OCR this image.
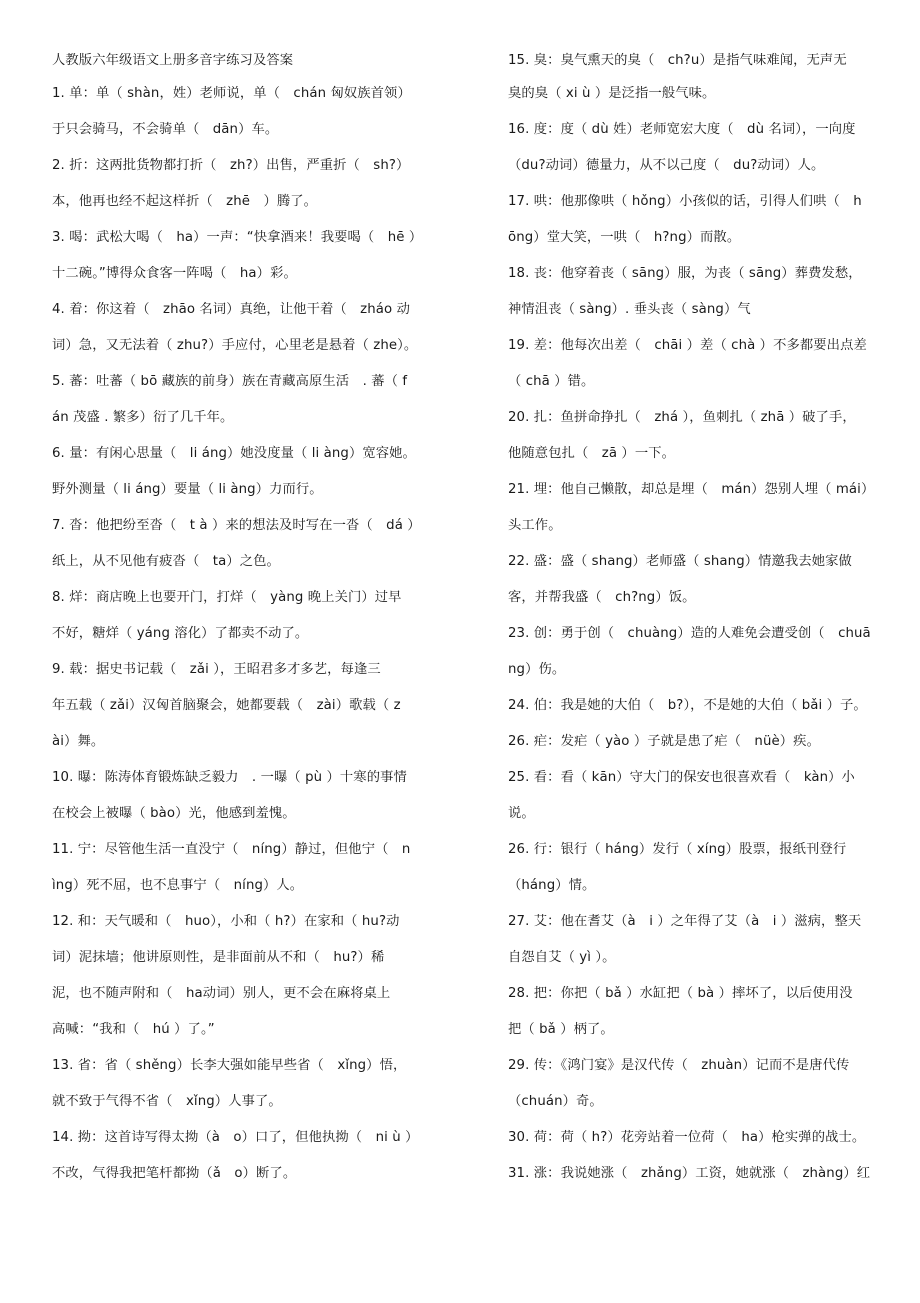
人教版六年级语文上册多音字练习及答案
1. 单：单（ shàn，姓）老师说，单（　chán 匈奴族首领）
于只会骑马，不会骑单（　dān）车。
2. 折：这两批货物都打折（　zh?）出售，严重折（　sh?）
本，他再也经不起这样折（　zhē　）腾了。
3. 喝：武松大喝（　ha）一声：“快拿酒来！我要喝（　hē ）
十二碗。”博得众食客一阵喝（　ha）彩。
4. 着：你这着（　zhāo 名词）真绝，让他干着（　zháo 动
词）急，又无法着（ zhu?）手应付，心里老是悬着（ zhe）。
5. 蕃：吐蕃（ bō 藏族的前身）族在青藏高原生活　. 蕃（ f
án 茂盛 . 繁多）衍了几千年。
6. 量：有闲心思量（　li áng）她没度量（ li àng）宽容她。
野外测量（ li áng）要量（ li àng）力而行。
7. 沓：他把纷至沓（　t à ）来的想法及时写在一沓（　dá ）
纸上，从不见他有疲沓（　ta）之色。
8. 烊：商店晚上也要开门，打烊（　yàng 晚上关门）过早
不好，糖烊（ yáng 溶化）了都卖不动了。
9. 载：据史书记载（　zǎi ），王昭君多才多艺，每逢三
年五载（ zǎi）汉匈首脑聚会，她都要载（　zài）歌载（ z
ài）舞。
10. 曝：陈涛体育锻炼缺乏毅力　. 一曝（ pù ）十寒的事情
在校会上被曝（ bào）光，他感到羞愧。
11. 宁：尽管他生活一直没宁（　níng）静过，但他宁（　n
ìng）死不屈，也不息事宁（　níng）人。
12. 和：天气暖和（　huo），小和（ h?）在家和（ hu?动
词）泥抹墙；他讲原则性，是非面前从不和（　hu?）稀
泥，也不随声附和（　ha动词）别人，更不会在麻将桌上
高喊：“我和（　hú ）了。”
13. 省：省（ shěng）长李大强如能早些省（　xǐng）悟，
就不致于气得不省（　xǐng）人事了。
14. 拗：这首诗写得太拗（à　o）口了，但他执拗（　ni ù ）
不改，气得我把笔杆都拗（ǎ　o）断了。
15. 臭：臭气熏天的臭（　ch?u）是指气味难闻，无声无
臭的臭（ xi ù ）是泛指一般气味。
16. 度：度（ dù 姓）老师宽宏大度（　dù 名词），一向度
（du?动词）德量力，从不以己度（　du?动词）人。
17. 哄：他那像哄（ hǒng）小孩似的话，引得人们哄（　h
ōng）堂大笑，一哄（　h?ng）而散。
18. 丧：他穿着丧（ sāng）服，为丧（ sāng）葬费发愁，
神情沮丧（ sàng）. 垂头丧（ sàng）气
19. 差：他每次出差（　chāi ）差（ chà ）不多都要出点差
（ chā ）错。
20. 扎：鱼拼命挣扎（　zhá ），鱼刺扎（ zhā ）破了手，
他随意包扎（　zā ）一下。
21. 埋：他自己懒散，却总是埋（　mán）怨别人埋（ mái）
头工作。
22. 盛：盛（ shang）老师盛（ shang）情邀我去她家做
客，并帮我盛（　ch?ng）饭。
23. 创：勇于创（　chuàng）造的人难免会遭受创（　chuā
ng）伤。
24. 伯：我是她的大伯（　b?），不是她的大伯（ bǎi ）子。
26. 疟：发疟（ yào ）子就是患了疟（　nüè）疾。
25. 看：看（ kān）守大门的保安也很喜欢看（　kàn）小
说。
26. 行：银行（ háng）发行（ xíng）股票，报纸刊登行
（háng）情。
27. 艾：他在耆艾（à　i ）之年得了艾（à　i ）滋病，整天
自怨自艾（ yì ）。
28. 把：你把（ bǎ ）水缸把（ bà ）摔坏了，以后使用没
把（ bǎ ）柄了。
29. 传：《鸿门宴》是汉代传（　zhuàn）记而不是唐代传
（chuán）奇。
30. 荷：荷（ h?）花旁站着一位荷（　ha）枪实弹的战士。
31. 涨：我说她涨（　zhǎng）工资，她就涨（　zhàng）红
